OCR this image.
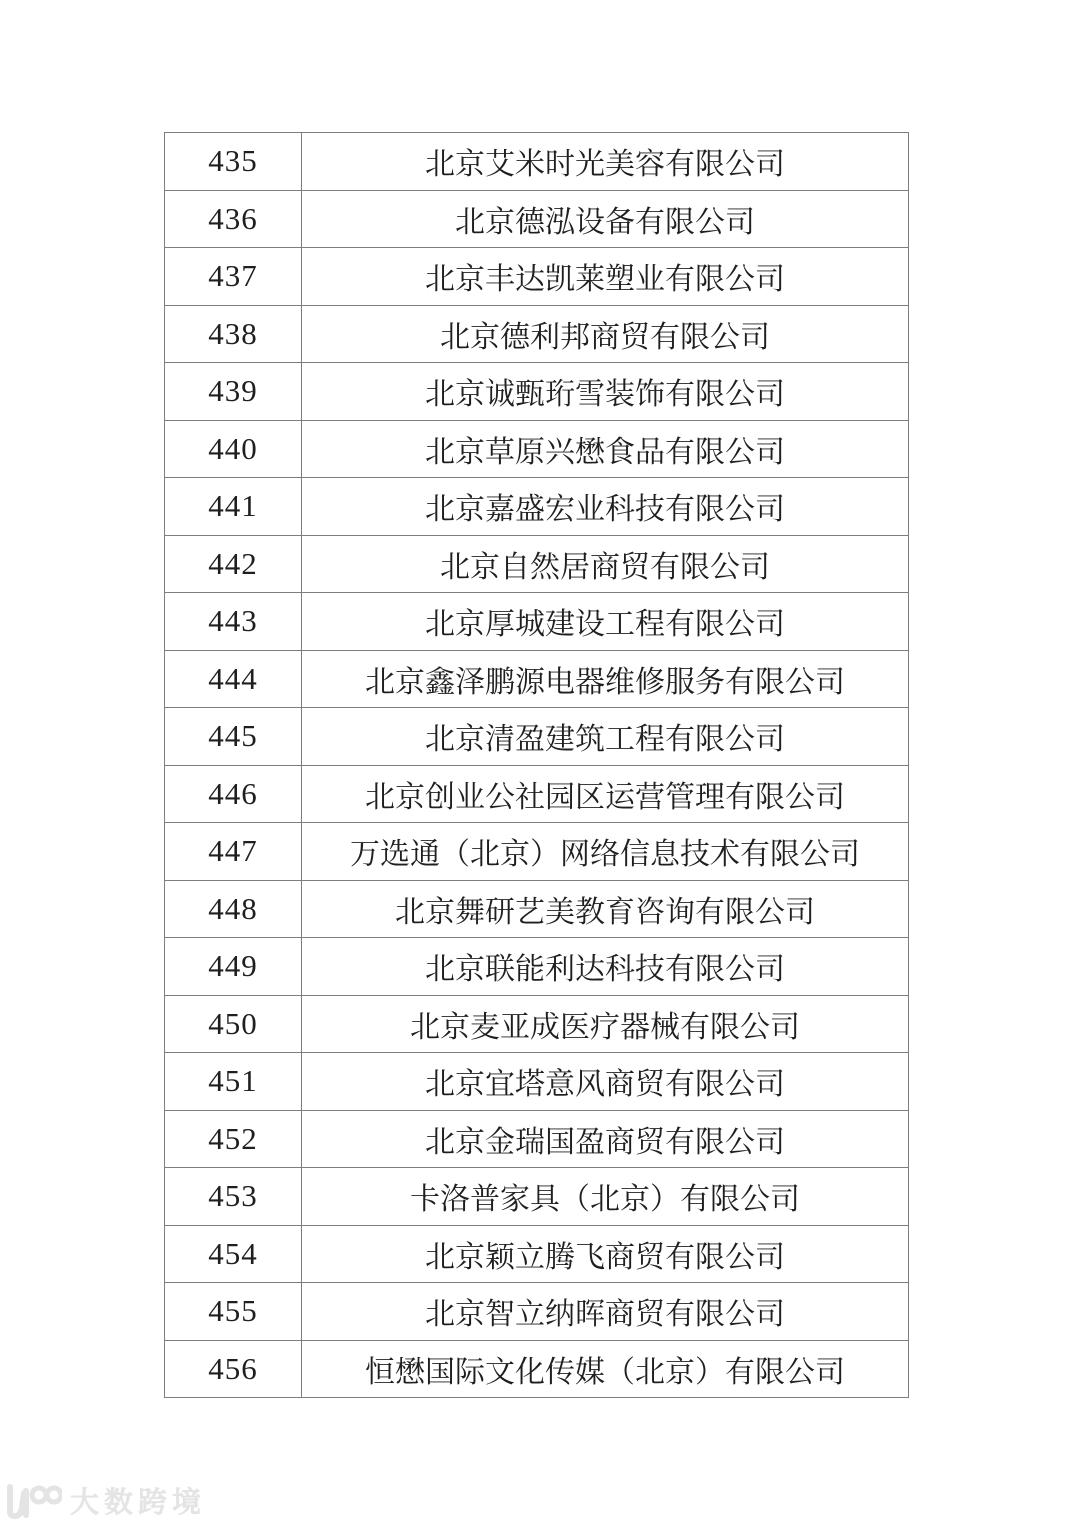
435	北京艾米时光美容有限公司
436	北京德泓设备有限公司
437	北京丰达凯莱塑业有限公司
438	北京德利邦商贸有限公司
439	北京诚甄珩雪装饰有限公司
440	北京草原兴懋食品有限公司
441	北京嘉盛宏业科技有限公司
442	北京自然居商贸有限公司
443	北京厚城建设工程有限公司
444	北京鑫泽鹏源电器维修服务有限公司
445	北京清盈建筑工程有限公司
446	北京创业公社园区运营管理有限公司
447	万选通（北京）网络信息技术有限公司
448	北京舞研艺美教育咨询有限公司
449	北京联能利达科技有限公司
450	北京麦亚成医疗器械有限公司
451	北京宜塔意风商贸有限公司
452	北京金瑞国盈商贸有限公司
453	卡洛普家具（北京）有限公司
454	北京颖立腾飞商贸有限公司
455	北京智立纳晖商贸有限公司
456	恒懋国际文化传媒（北京）有限公司
大数跨境
